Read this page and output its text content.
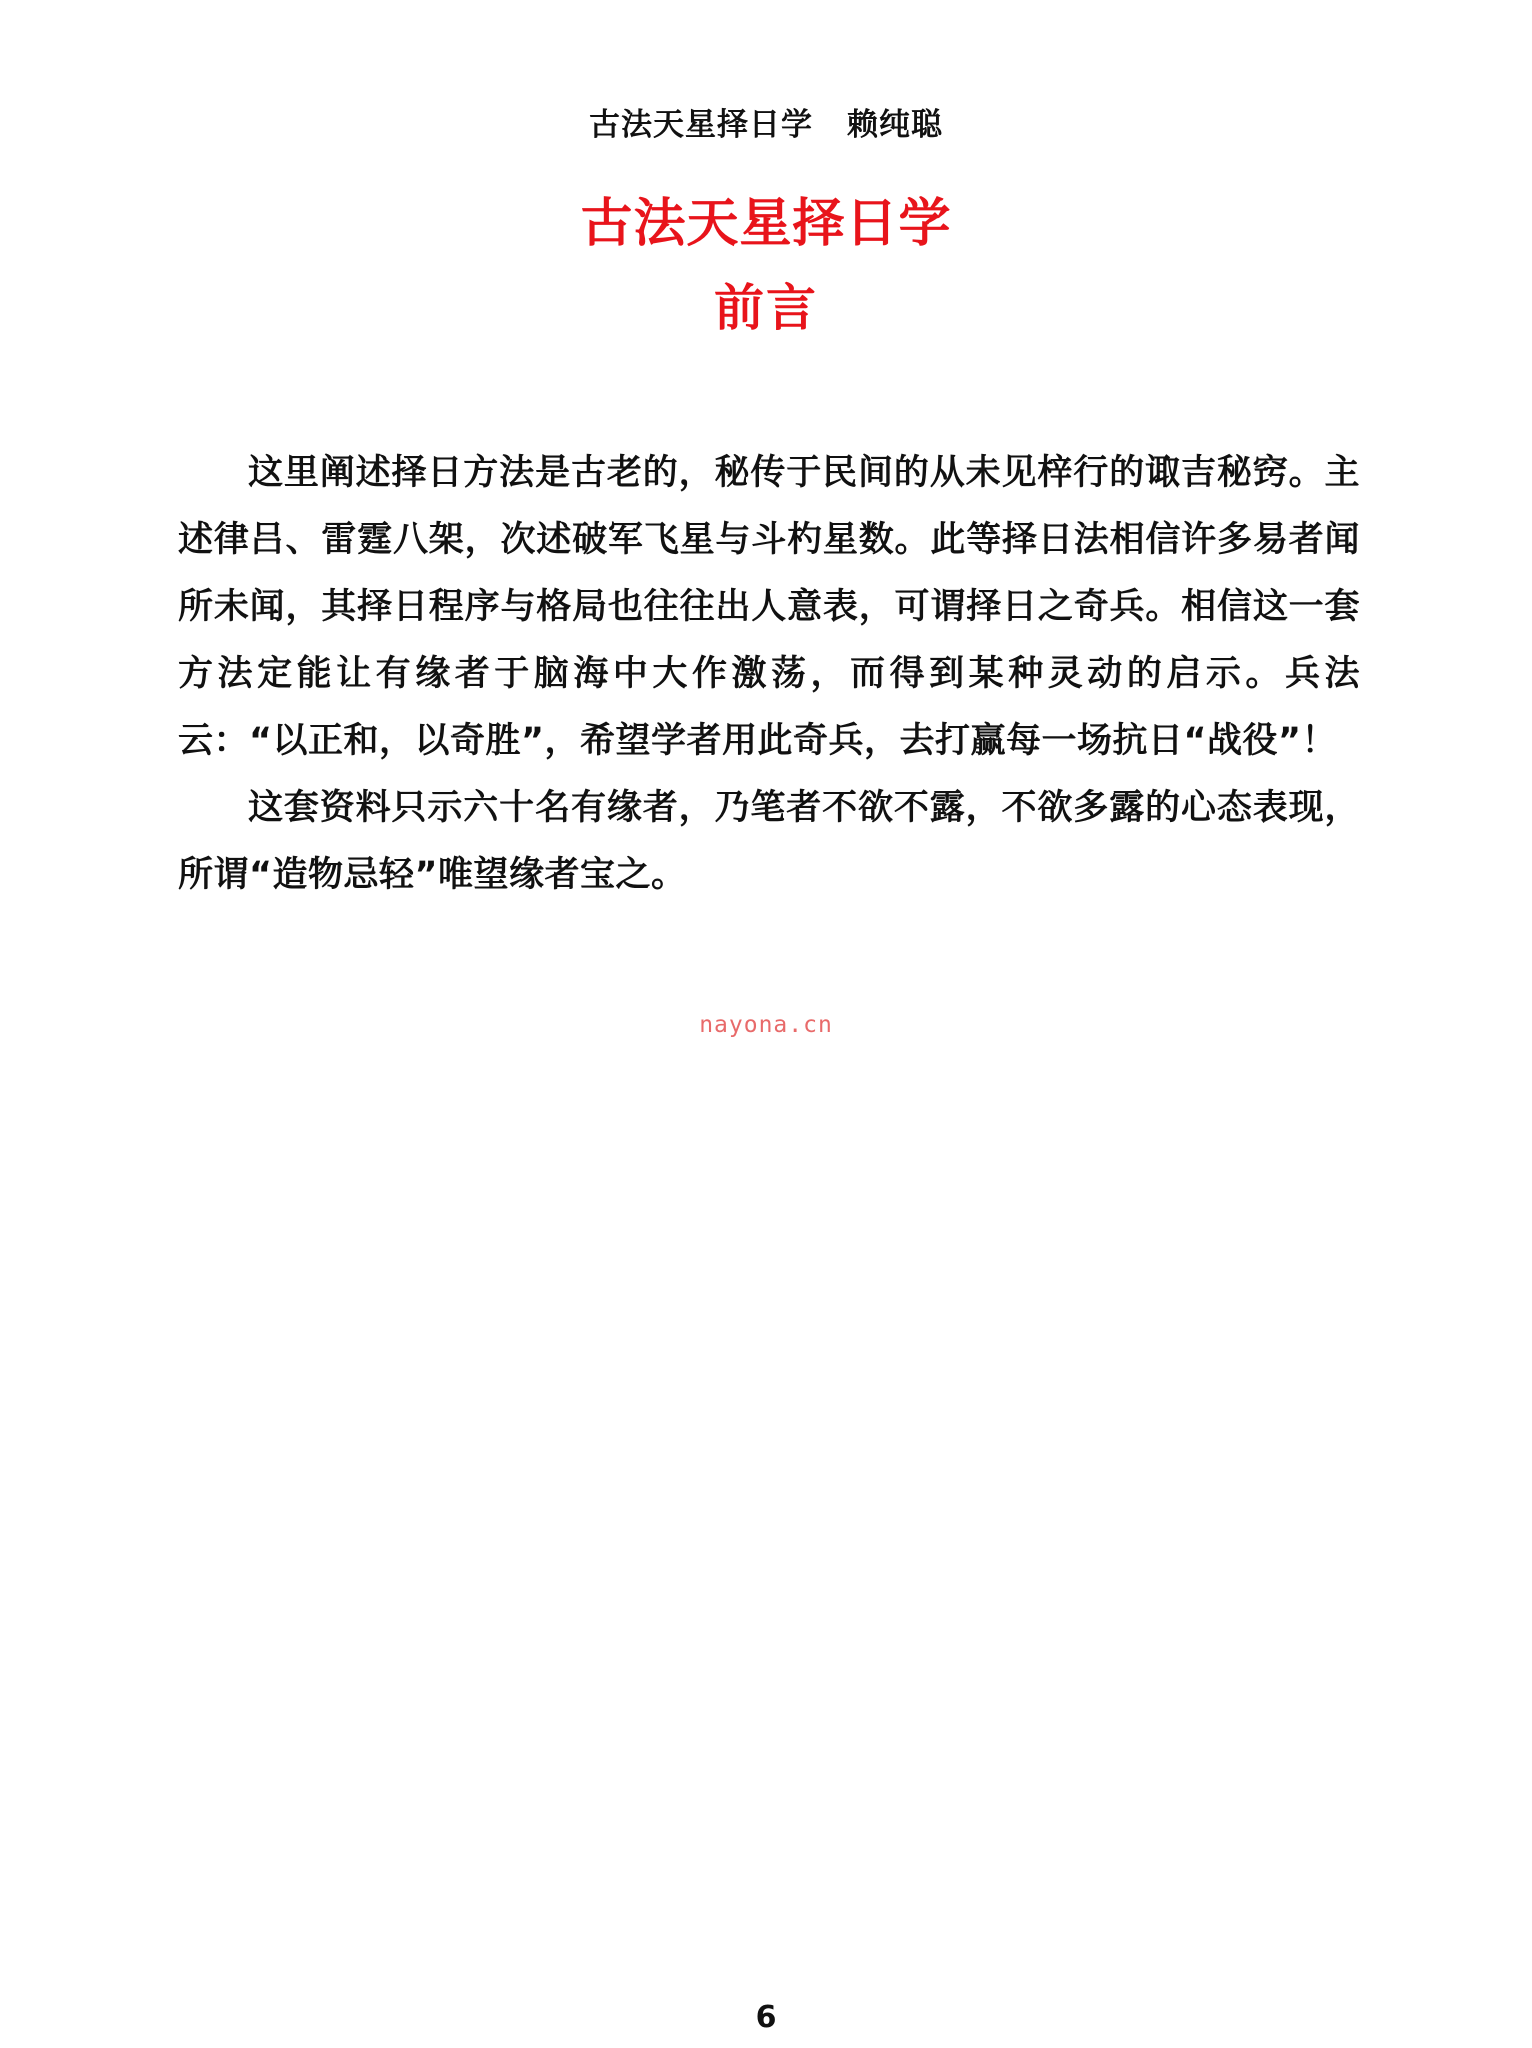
古法天星择日学 赖纯聪
古法天星择日学
前言

这里阐述择日方法是古老的，秘传于民间的从未见梓行的诹吉秘窍。主述律吕、雷霆八架，次述破军飞星与斗杓星数。此等择日法相信许多易者闻所未闻，其择日程序与格局也往往出人意表，可谓择日之奇兵。相信这一套方法定能让有缘者于脑海中大作激荡，而得到某种灵动的启示。兵法云：“以正和，以奇胜”，希望学者用此奇兵，去打赢每一场抗日“战役”！

这套资料只示六十名有缘者，乃笔者不欲不露，不欲多露的心态表现，所谓“造物忌轻”唯望缘者宝之。

nayona.cn
6
